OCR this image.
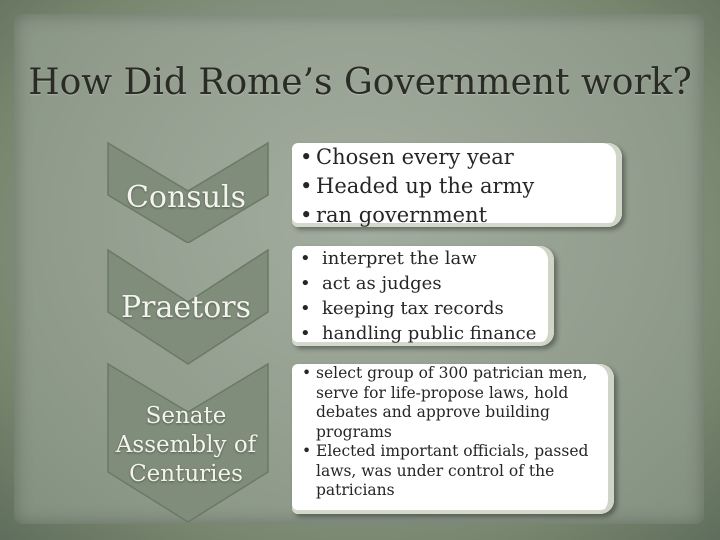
How Did Rome’s Government work?
Consuls
Praetors
Senate
Assembly of
Centuries
• Chosen every year
• Headed up the army
• ran government
• interpret the law
• act as judges
• keeping tax records
• handling public finance
• select group of 300 patrician men, serve for life-propose laws, hold debates and approve building programs
• Elected important officials, passed laws, was under control of the patricians
